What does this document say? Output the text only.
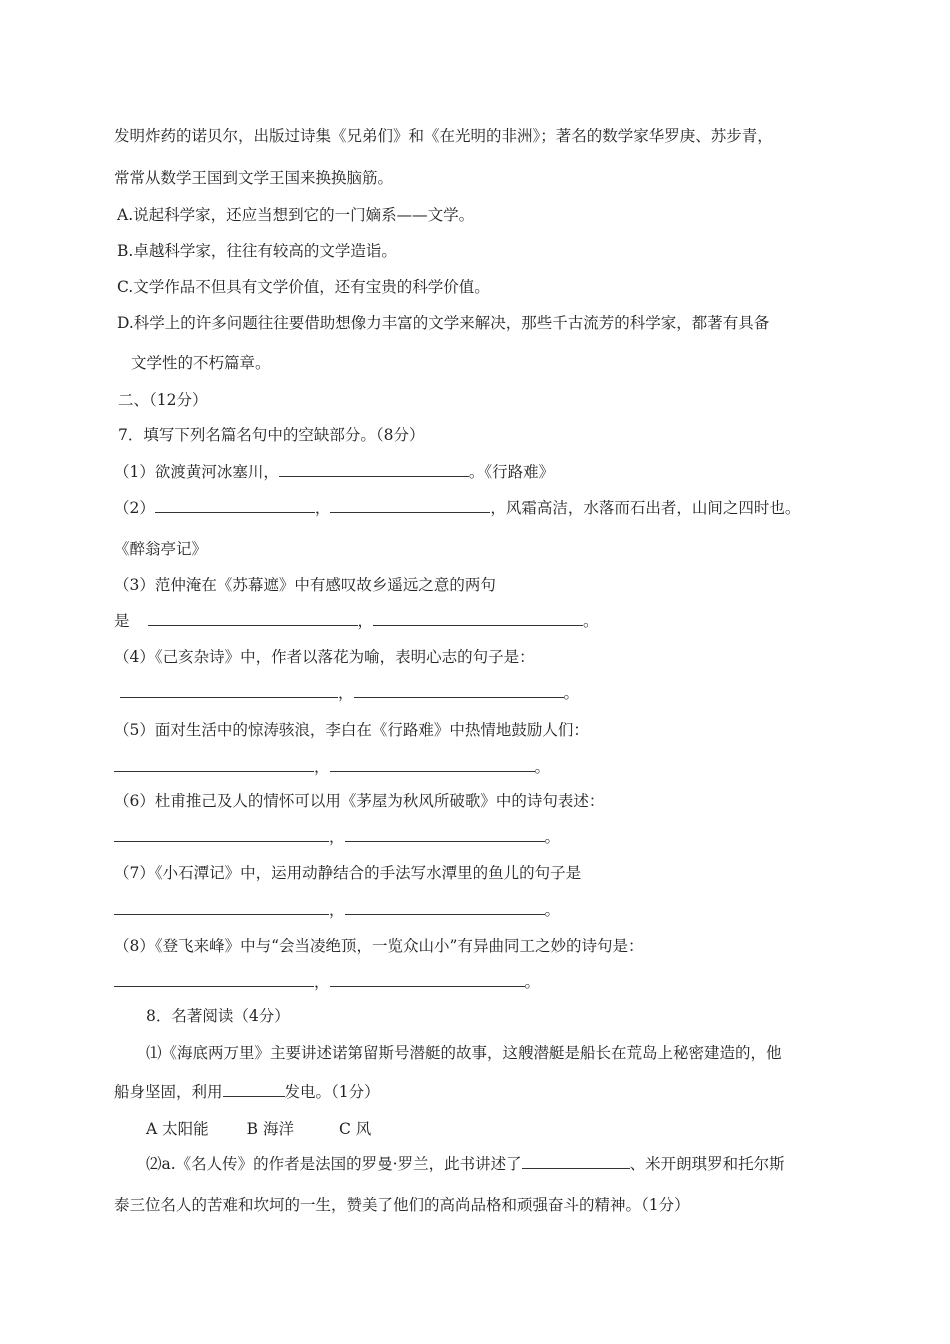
发明炸药的诺贝尔，出版过诗集《兄弟们》和《在光明的非洲》；著名的数学家华罗庚、苏步青，
常常从数学王国到文学王国来换换脑筋。
A.说起科学家，还应当想到它的一门嫡系——文学。
B.卓越科学家，往往有较高的文学造诣。
C.文学作品不但具有文学价值，还有宝贵的科学价值。
D.科学上的许多问题往往要借助想像力丰富的文学来解决，那些千古流芳的科学家，都著有具备
文学性的不朽篇章。
二、（12分）
7．填写下列名篇名句中的空缺部分。（8分）
（1）欲渡黄河冰塞川，	。《行路难》
（2）	，	，风霜高洁，水落而石出者，山间之四时也。
《醉翁亭记》
（3）范仲淹在《苏幕遮》中有感叹故乡遥远之意的两句
是	，	。
（4）《己亥杂诗》中，作者以落花为喻，表明心志的句子是：
，	。
（5）面对生活中的惊涛骇浪，李白在《行路难》中热情地鼓励人们：
，	。
（6）杜甫推己及人的情怀可以用《茅屋为秋风所破歌》中的诗句表述：
，	。
（7）《小石潭记》中，运用动静结合的手法写水潭里的鱼儿的句子是
，	。
（8）《登飞来峰》中与“会当凌绝顶，一览众山小”有异曲同工之妙的诗句是：
，	。
8．名著阅读（4分）
⑴《海底两万里》主要讲述诺第留斯号潜艇的故事，这艘潜艇是船长在荒岛上秘密建造的，他
船身坚固，利用	发电。（1分）
A 太阳能 B 海洋	C 风
⑵a.《名人传》的作者是法国的罗曼·罗兰，此书讲述了	、米开朗琪罗和托尔斯
泰三位名人的苦难和坎坷的一生，赞美了他们的高尚品格和顽强奋斗的精神。（1分）
